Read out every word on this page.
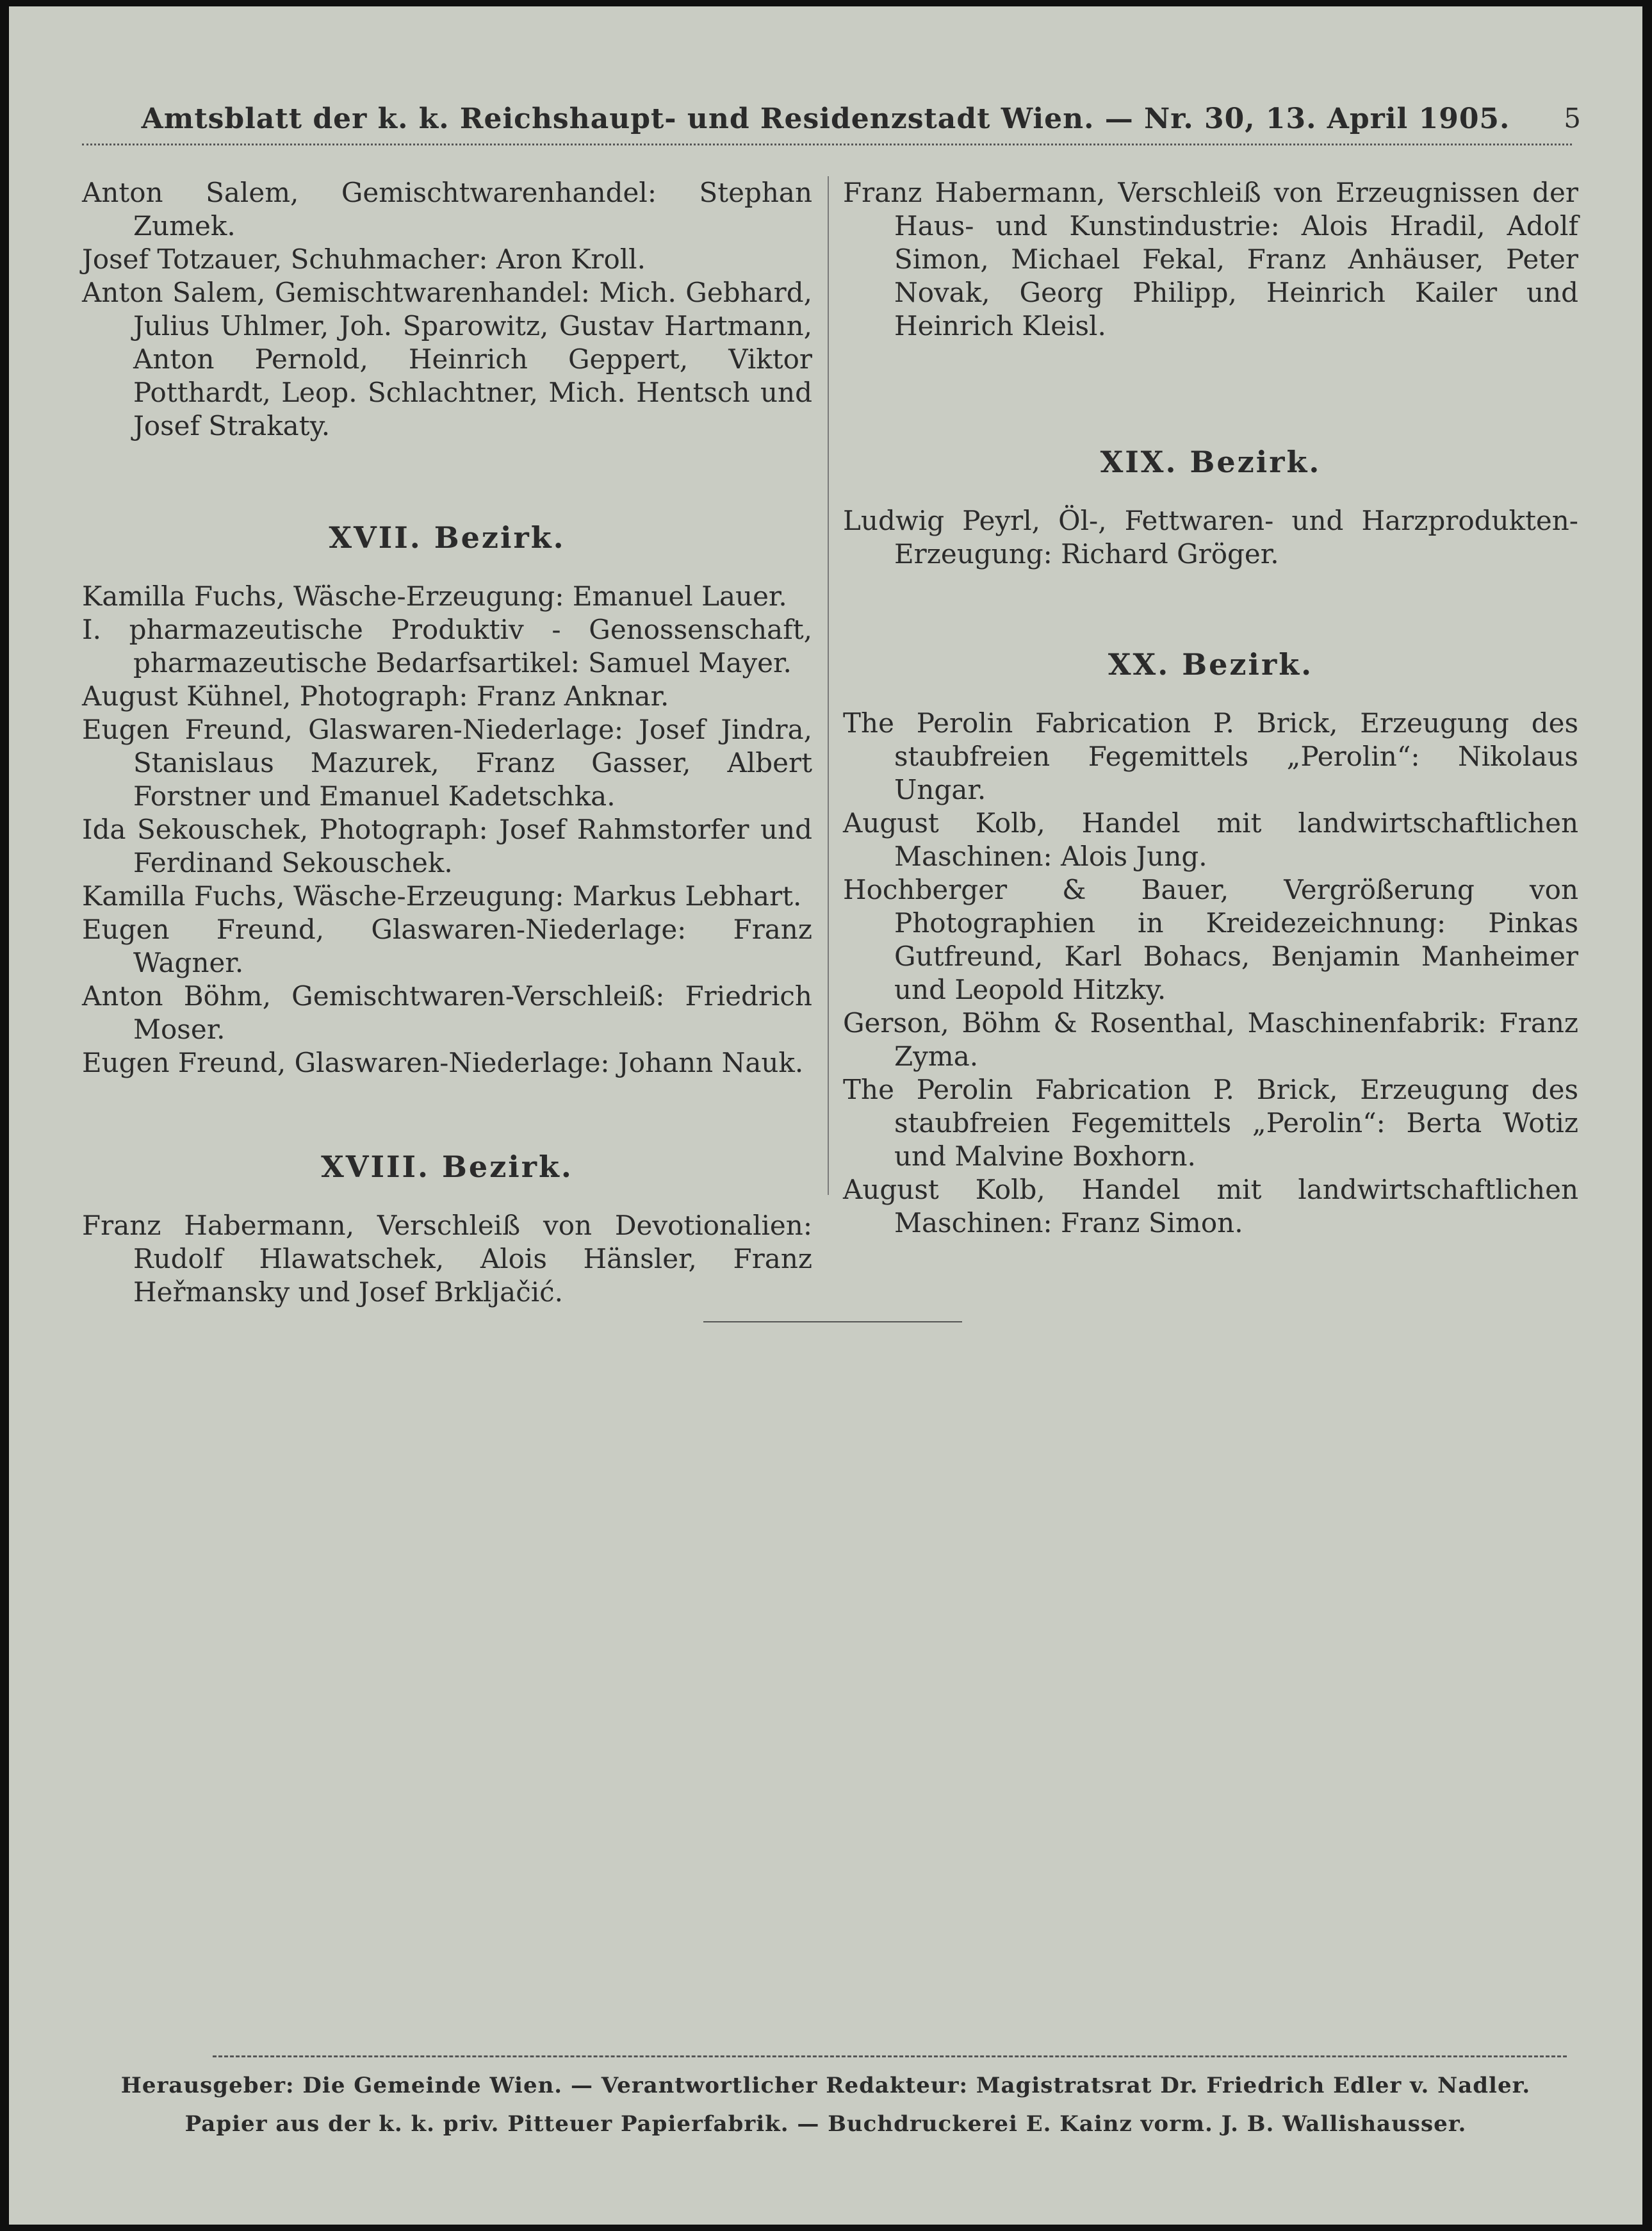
Amtsblatt der k. k. Reichshaupt- und Residenzstadt Wien. — Nr. 30, 13. April 1905.	5

Anton Salem, Gemischtwarenhandel: Stephan Zumek.

Josef Totzauer, Schuhmacher: Aron Kroll.

Anton Salem, Gemischtwarenhandel: Mich. Gebhard, Julius Uhlmer, Joh. Sparowitz, Gustav Hartmann, Anton Pernold, Heinrich Geppert, Viktor Potthardt, Leop. Schlachtner, Mich. Hentsch und Josef Strakaty.

XVII. Bezirk.

Kamilla Fuchs, Wäsche-Erzeugung: Emanuel Lauer.

I. pharmazeutische Produktiv - Genossenschaft, pharmazeutische Bedarfsartikel: Samuel Mayer.

August Kühnel, Photograph: Franz Anknar.

Eugen Freund, Glaswaren-Niederlage: Josef Jindra, Stanislaus Mazurek, Franz Gasser, Albert Forstner und Emanuel Kadetschka.

Ida Sekouschek, Photograph: Josef Rahmstorfer und Ferdinand Sekouschek.

Kamilla Fuchs, Wäsche-Erzeugung: Markus Lebhart.

Eugen Freund, Glaswaren-Niederlage: Franz Wagner.

Anton Böhm, Gemischtwaren-Verschleiß: Friedrich Moser.

Eugen Freund, Glaswaren-Niederlage: Johann Nauk.

XVIII. Bezirk.

Franz Habermann, Verschleiß von Devotionalien: Rudolf Hlawatschek, Alois Hänsler, Franz Heřmansky und Josef Brkljačić.

Franz Habermann, Verschleiß von Erzeugnissen der Haus- und Kunstindustrie: Alois Hradil, Adolf Simon, Michael Fekal, Franz Anhäuser, Peter Novak, Georg Philipp, Heinrich Kailer und Heinrich Kleisl.

XIX. Bezirk.

Ludwig Peyrl, Öl-, Fettwaren- und Harzprodukten-Erzeugung: Richard Gröger.

XX. Bezirk.

The Perolin Fabrication P. Brick, Erzeugung des staubfreien Fegemittels „Perolin“: Nikolaus Ungar.

August Kolb, Handel mit landwirtschaftlichen Maschinen: Alois Jung.

Hochberger & Bauer, Vergrößerung von Photographien in Kreidezeichnung: Pinkas Gutfreund, Karl Bohacs, Benjamin Manheimer und Leopold Hitzky.

Gerson, Böhm & Rosenthal, Maschinenfabrik: Franz Zyma.

The Perolin Fabrication P. Brick, Erzeugung des staubfreien Fegemittels „Perolin“: Berta Wotiz und Malvine Boxhorn.

August Kolb, Handel mit landwirtschaftlichen Maschinen: Franz Simon.

Herausgeber: Die Gemeinde Wien. — Verantwortlicher Redakteur: Magistratsrat Dr. Friedrich Edler v. Nadler.
Papier aus der k. k. priv. Pitteuer Papierfabrik. — Buchdruckerei E. Kainz vorm. J. B. Wallishausser.
